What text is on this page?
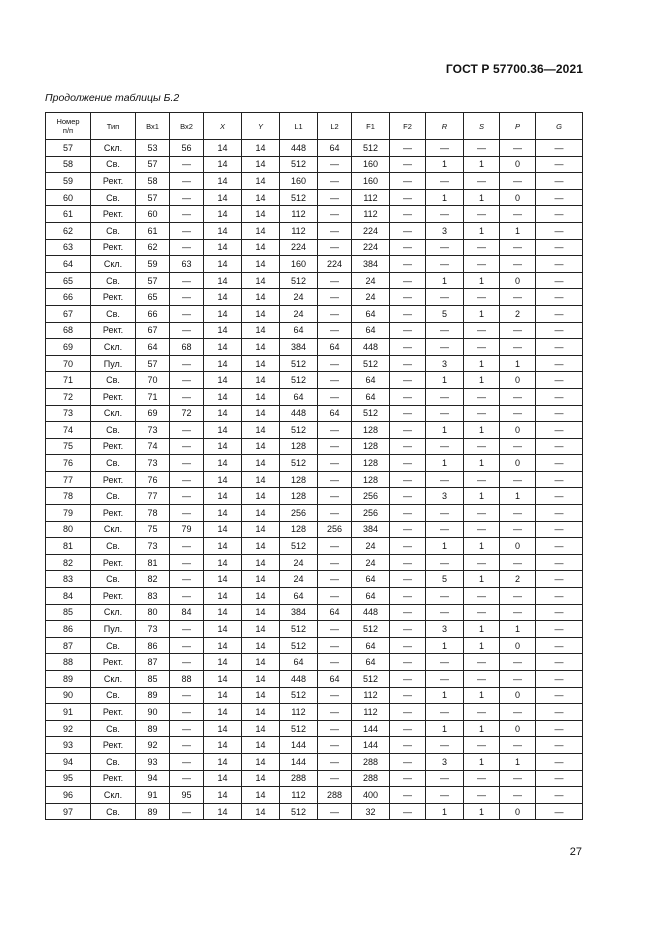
ГОСТ Р 57700.36—2021
Продолжение таблицы Б.2
Номер
п/п	Тип	Вх1	Вх2	X	Y	L1	L2	F1	F2	R	S	P	G
57	Скл.	53	56	14	14	448	64	512	—	—	—	—	—
58	Св.	57	—	14	14	512	—	160	—	1	1	0	—
59	Рект.	58	—	14	14	160	—	160	—	—	—	—	—
60	Св.	57	—	14	14	512	—	112	—	1	1	0	—
61	Рект.	60	—	14	14	112	—	112	—	—	—	—	—
62	Св.	61	—	14	14	112	—	224	—	3	1	1	—
63	Рект.	62	—	14	14	224	—	224	—	—	—	—	—
64	Скл.	59	63	14	14	160	224	384	—	—	—	—	—
65	Св.	57	—	14	14	512	—	24	—	1	1	0	—
66	Рект.	65	—	14	14	24	—	24	—	—	—	—	—
67	Св.	66	—	14	14	24	—	64	—	5	1	2	—
68	Рект.	67	—	14	14	64	—	64	—	—	—	—	—
69	Скл.	64	68	14	14	384	64	448	—	—	—	—	—
70	Пул.	57	—	14	14	512	—	512	—	3	1	1	—
71	Св.	70	—	14	14	512	—	64	—	1	1	0	—
72	Рект.	71	—	14	14	64	—	64	—	—	—	—	—
73	Скл.	69	72	14	14	448	64	512	—	—	—	—	—
74	Св.	73	—	14	14	512	—	128	—	1	1	0	—
75	Рект.	74	—	14	14	128	—	128	—	—	—	—	—
76	Св.	73	—	14	14	512	—	128	—	1	1	0	—
77	Рект.	76	—	14	14	128	—	128	—	—	—	—	—
78	Св.	77	—	14	14	128	—	256	—	3	1	1	—
79	Рект.	78	—	14	14	256	—	256	—	—	—	—	—
80	Скл.	75	79	14	14	128	256	384	—	—	—	—	—
81	Св.	73	—	14	14	512	—	24	—	1	1	0	—
82	Рект.	81	—	14	14	24	—	24	—	—	—	—	—
83	Св.	82	—	14	14	24	—	64	—	5	1	2	—
84	Рект.	83	—	14	14	64	—	64	—	—	—	—	—
85	Скл.	80	84	14	14	384	64	448	—	—	—	—	—
86	Пул.	73	—	14	14	512	—	512	—	3	1	1	—
87	Св.	86	—	14	14	512	—	64	—	1	1	0	—
88	Рект.	87	—	14	14	64	—	64	—	—	—	—	—
89	Скл.	85	88	14	14	448	64	512	—	—	—	—	—
90	Св.	89	—	14	14	512	—	112	—	1	1	0	—
91	Рект.	90	—	14	14	112	—	112	—	—	—	—	—
92	Св.	89	—	14	14	512	—	144	—	1	1	0	—
93	Рект.	92	—	14	14	144	—	144	—	—	—	—	—
94	Св.	93	—	14	14	144	—	288	—	3	1	1	—
95	Рект.	94	—	14	14	288	—	288	—	—	—	—	—
96	Скл.	91	95	14	14	112	288	400	—	—	—	—	—
97	Св.	89	—	14	14	512	—	32	—	1	1	0	—
27
